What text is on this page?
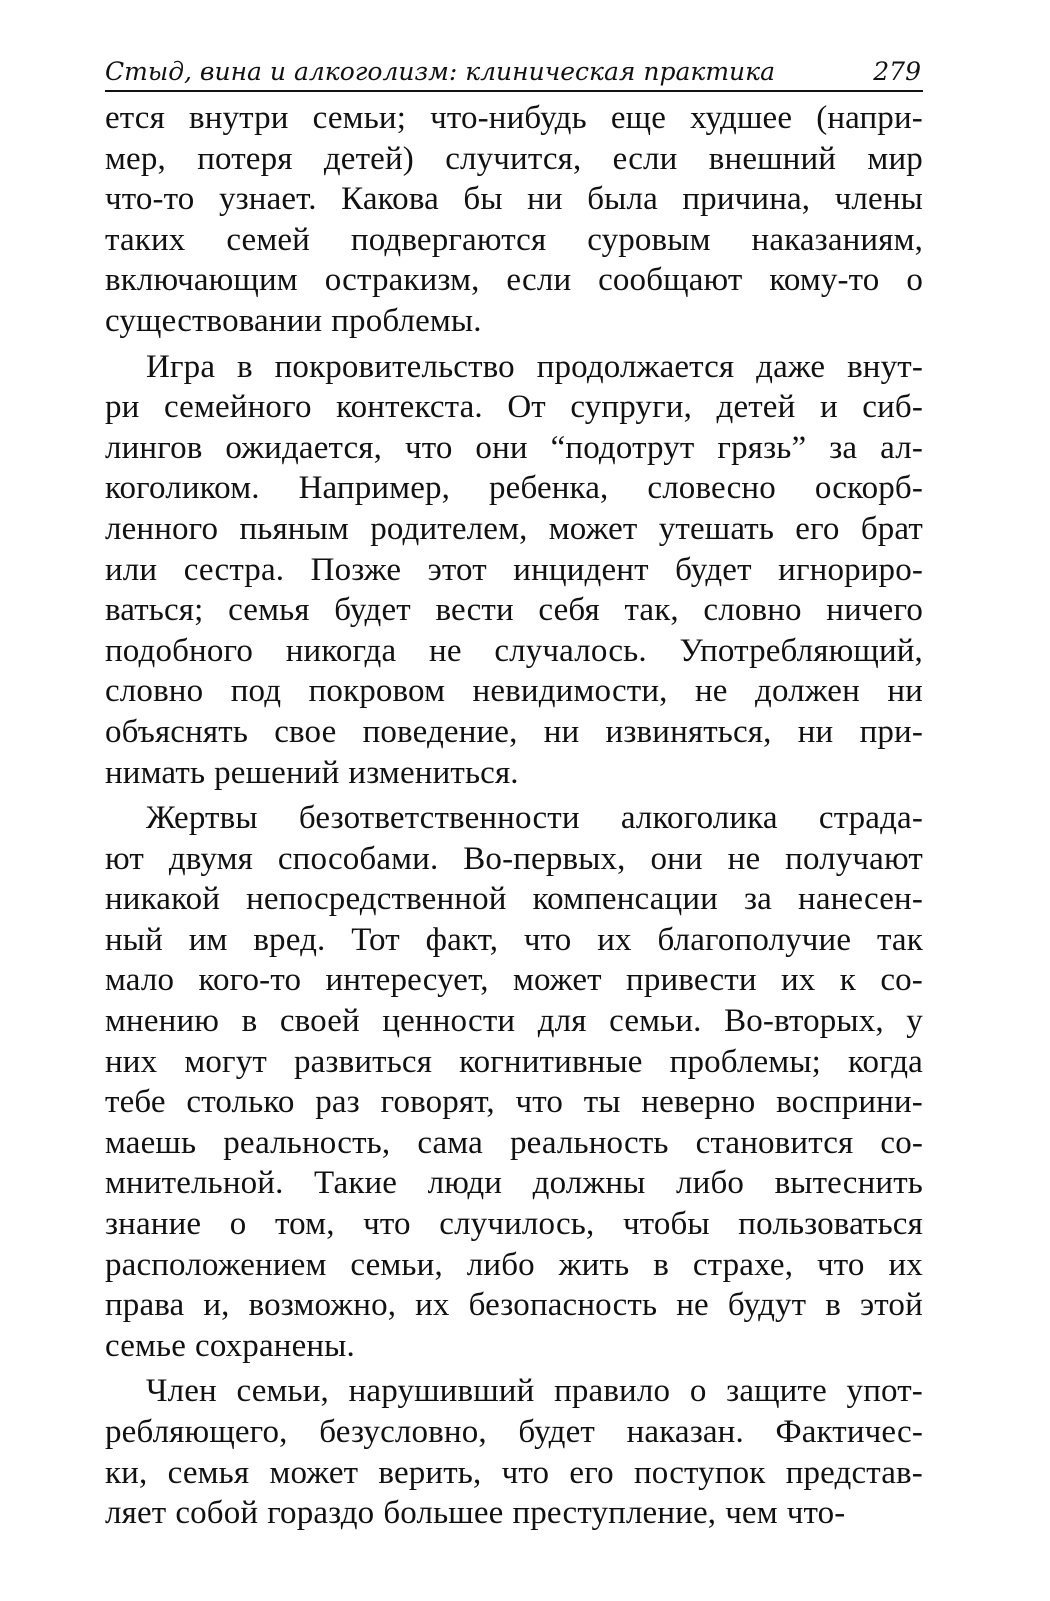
Стыд, вина и алкоголизм: клиническая практика	279
ется внутри семьи; что-нибудь еще худшее (напри-
мер, потеря детей) случится, если внешний мир
что-то узнает. Какова бы ни была причина, члены
таких семей подвергаются суровым наказаниям,
включающим остракизм, если сообщают кому-то о
существовании проблемы.
Игра в покровительство продолжается даже внут-
ри семейного контекста. От супруги, детей и сиб-
лингов ожидается, что они “подотрут грязь” за ал-
коголиком. Например, ребенка, словесно оскорб-
ленного пьяным родителем, может утешать его брат
или сестра. Позже этот инцидент будет игнориро-
ваться; семья будет вести себя так, словно ничего
подобного никогда не случалось. Употребляющий,
словно под покровом невидимости, не должен ни
объяснять свое поведение, ни извиняться, ни при-
нимать решений измениться.
Жертвы безответственности алкоголика страда-
ют двумя способами. Во-первых, они не получают
никакой непосредственной компенсации за нанесен-
ный им вред. Тот факт, что их благополучие так
мало кого-то интересует, может привести их к со-
мнению в своей ценности для семьи. Во-вторых, у
них могут развиться когнитивные проблемы; когда
тебе столько раз говорят, что ты неверно восприни-
маешь реальность, сама реальность становится со-
мнительной. Такие люди должны либо вытеснить
знание о том, что случилось, чтобы пользоваться
расположением семьи, либо жить в страхе, что их
права и, возможно, их безопасность не будут в этой
семье сохранены.
Член семьи, нарушивший правило о защите упот-
ребляющего, безусловно, будет наказан. Фактичес-
ки, семья может верить, что его поступок представ-
ляет собой гораздо большее преступление, чем что-
